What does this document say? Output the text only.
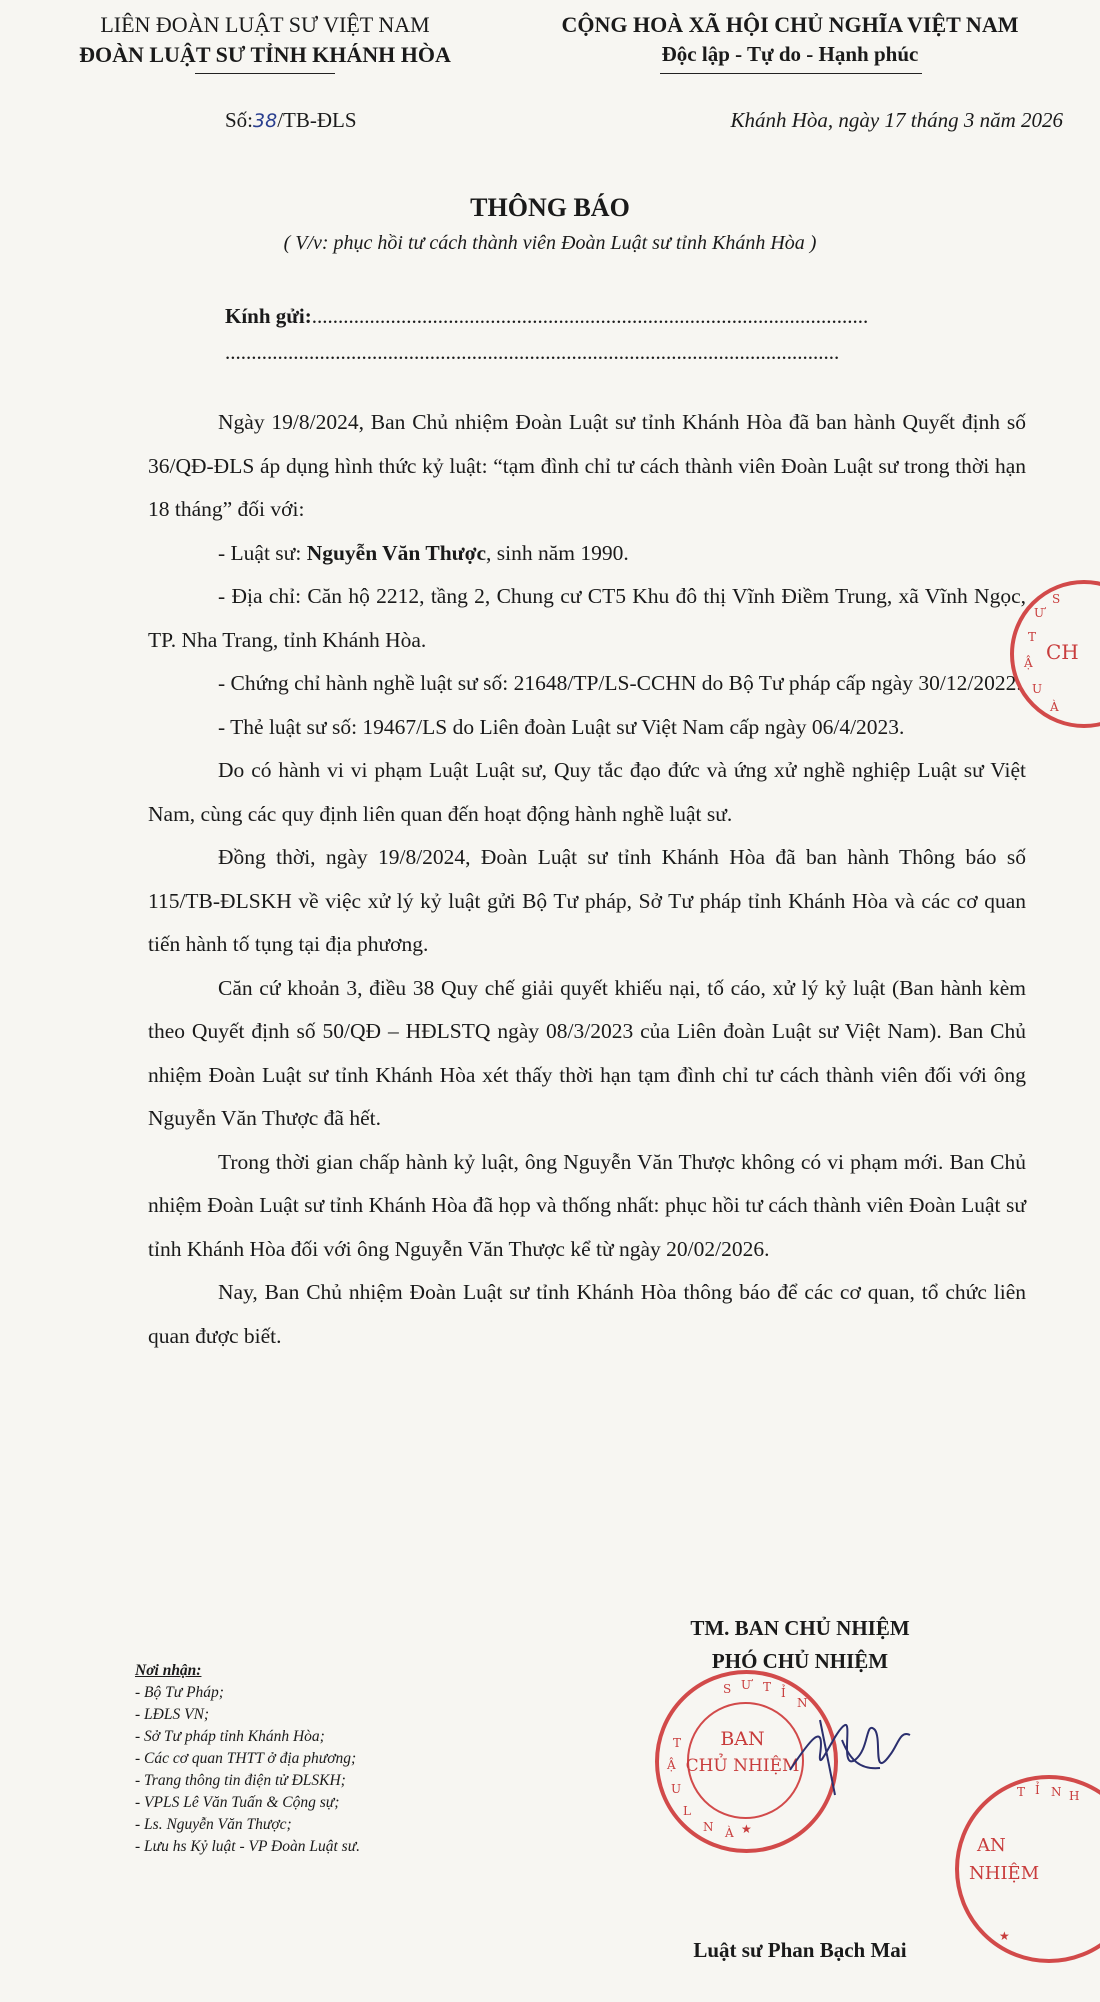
LIÊN ĐOÀN LUẬT SƯ VIỆT NAM
ĐOÀN LUẬT SƯ TỈNH KHÁNH HÒA
CỘNG HOÀ XÃ HỘI CHỦ NGHĨA VIỆT NAM
Độc lập - Tự do - Hạnh phúc
Số:38/TB-ĐLS	Khánh Hòa, ngày 17 tháng 3 năm 2026
THÔNG BÁO
( V/v: phục hồi tư cách thành viên Đoàn Luật sư tỉnh Khánh Hòa )
Kính gửi:..........................................................................................................
.....................................................................................................................

Ngày 19/8/2024, Ban Chủ nhiệm Đoàn Luật sư tỉnh Khánh Hòa đã ban hành Quyết định số 36/QĐ-ĐLS áp dụng hình thức kỷ luật: “tạm đình chỉ tư cách thành viên Đoàn Luật sư trong thời hạn 18 tháng” đối với:

- Luật sư: Nguyễn Văn Thược, sinh năm 1990.

- Địa chỉ: Căn hộ 2212, tầng 2, Chung cư CT5 Khu đô thị Vĩnh Điềm Trung, xã Vĩnh Ngọc, TP. Nha Trang, tỉnh Khánh Hòa.

- Chứng chỉ hành nghề luật sư số: 21648/TP/LS-CCHN do Bộ Tư pháp cấp ngày 30/12/2022.

- Thẻ luật sư số: 19467/LS do Liên đoàn Luật sư Việt Nam cấp ngày 06/4/2023.

Do có hành vi vi phạm Luật Luật sư, Quy tắc đạo đức và ứng xử nghề nghiệp Luật sư Việt Nam, cùng các quy định liên quan đến hoạt động hành nghề luật sư.

Đồng thời, ngày 19/8/2024, Đoàn Luật sư tỉnh Khánh Hòa đã ban hành Thông báo số 115/TB-ĐLSKH về việc xử lý kỷ luật gửi Bộ Tư pháp, Sở Tư pháp tỉnh Khánh Hòa và các cơ quan tiến hành tố tụng tại địa phương.

Căn cứ khoản 3, điều 38 Quy chế giải quyết khiếu nại, tố cáo, xử lý kỷ luật (Ban hành kèm theo Quyết định số 50/QĐ – HĐLSTQ ngày 08/3/2023 của Liên đoàn Luật sư Việt Nam). Ban Chủ nhiệm Đoàn Luật sư tỉnh Khánh Hòa xét thấy thời hạn tạm đình chỉ tư cách thành viên đối với ông Nguyễn Văn Thược đã hết.

Trong thời gian chấp hành kỷ luật, ông Nguyễn Văn Thược không có vi phạm mới. Ban Chủ nhiệm Đoàn Luật sư tỉnh Khánh Hòa đã họp và thống nhất: phục hồi tư cách thành viên Đoàn Luật sư tỉnh Khánh Hòa đối với ông Nguyễn Văn Thược kể từ ngày 20/02/2026.

Nay, Ban Chủ nhiệm Đoàn Luật sư tỉnh Khánh Hòa thông báo để các cơ quan, tổ chức liên quan được biết.

TM. BAN CHỦ NHIỆM
PHÓ CHỦ NHIỆM
S Ư T Ỉ
N
T
Ậ
U
L
N À ★
BAN
CHỦ NHIỆM
Ư
S
T
Ậ
U
À
CH
T Ỉ N H
★
AN
NHIỆM
Luật sư Phan Bạch Mai
Nơi nhận:
- Bộ Tư Pháp;
- LĐLS VN;
- Sở Tư pháp tỉnh Khánh Hòa;
- Các cơ quan THTT ở địa phương;
- Trang thông tin điện tử ĐLSKH;
- VPLS Lê Văn Tuấn & Cộng sự;
- Ls. Nguyễn Văn Thược;
- Lưu hs Kỷ luật - VP Đoàn Luật sư.
